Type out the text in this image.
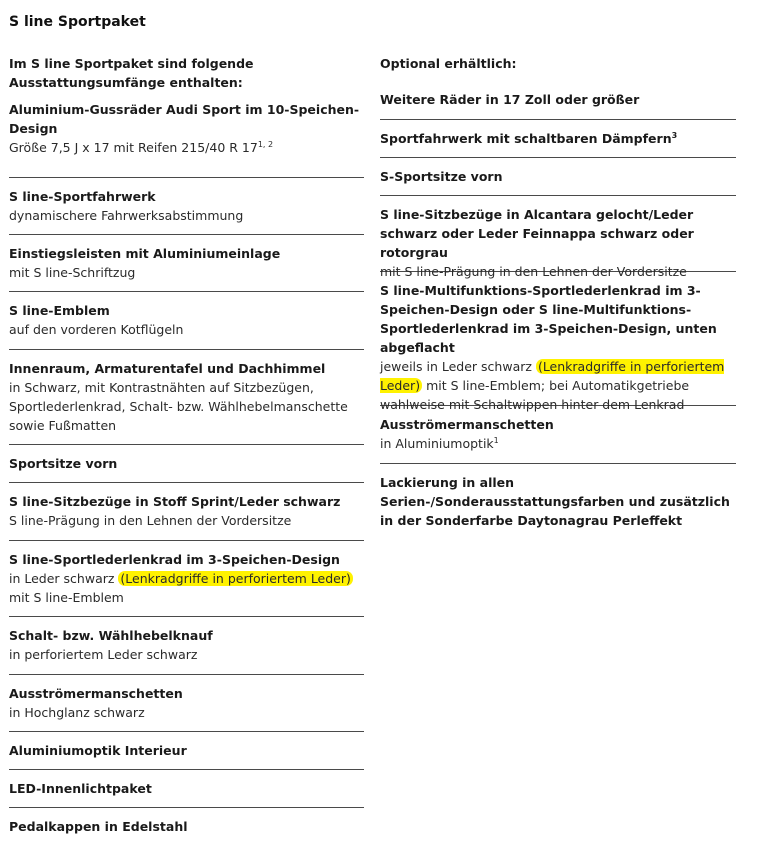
S line Sportpaket

Im S line Sportpaket sind folgende Ausstattungsumfänge enthalten:

Aluminium-Gussräder Audi Sport im 10-Speichen-Design

Größe 7,5 J x 17 mit Reifen 215/40 R 17$^{1, 2}$

S line-Sportfahrwerk

dynamischere Fahrwerksabstimmung

Einstiegsleisten mit Aluminiumeinlage

mit S line-Schriftzug

S line-Emblem

auf den vorderen Kotflügeln

Innenraum, Armaturentafel und Dachhimmel

in Schwarz, mit Kontrastnähten auf Sitzbezügen, Sportlederlenkrad, Schalt- bzw. Wählhebelmanschette sowie Fußmatten

Sportsitze vorn

S line-Sitzbezüge in Stoff Sprint/Leder schwarz

S line-Prägung in den Lehnen der Vordersitze

S line-Sportlederlenkrad im 3-Speichen-Design

in Leder schwarz (Lenkradgriffe in perforiertem Leder)

mit S line-Emblem

Schalt- bzw. Wählhebelknauf

in perforiertem Leder schwarz

Ausströmermanschetten

in Hochglanz schwarz

Aluminiumoptik Interieur

LED-Innenlichtpaket

Pedalkappen in Edelstahl

Optional erhältlich:

Weitere Räder in 17 Zoll oder größer

Sportfahrwerk mit schaltbaren Dämpfern$^3$

S-Sportsitze vorn

S line-Sitzbezüge in Alcantara gelocht/Leder schwarz oder Leder Feinnappa schwarz oder rotorgrau

mit S line-Prägung in den Lehnen der Vordersitze

S line-Multifunktions-Sportlederlenkrad im 3-Speichen-Design oder S line-Multifunktions-Sportlederlenkrad im 3-Speichen-Design, unten abgeflacht

jeweils in Leder schwarz (Lenkradgriffe in perforiertem Leder) mit S line-Emblem; bei Automatikgetriebe wahlweise mit Schaltwippen hinter dem Lenkrad

Ausströmermanschetten

in Aluminiumoptik$^1$

Lackierung in allen Serien-/Sonderausstattungsfarben und zusätzlich in der Sonderfarbe Daytonagrau Perleffekt
